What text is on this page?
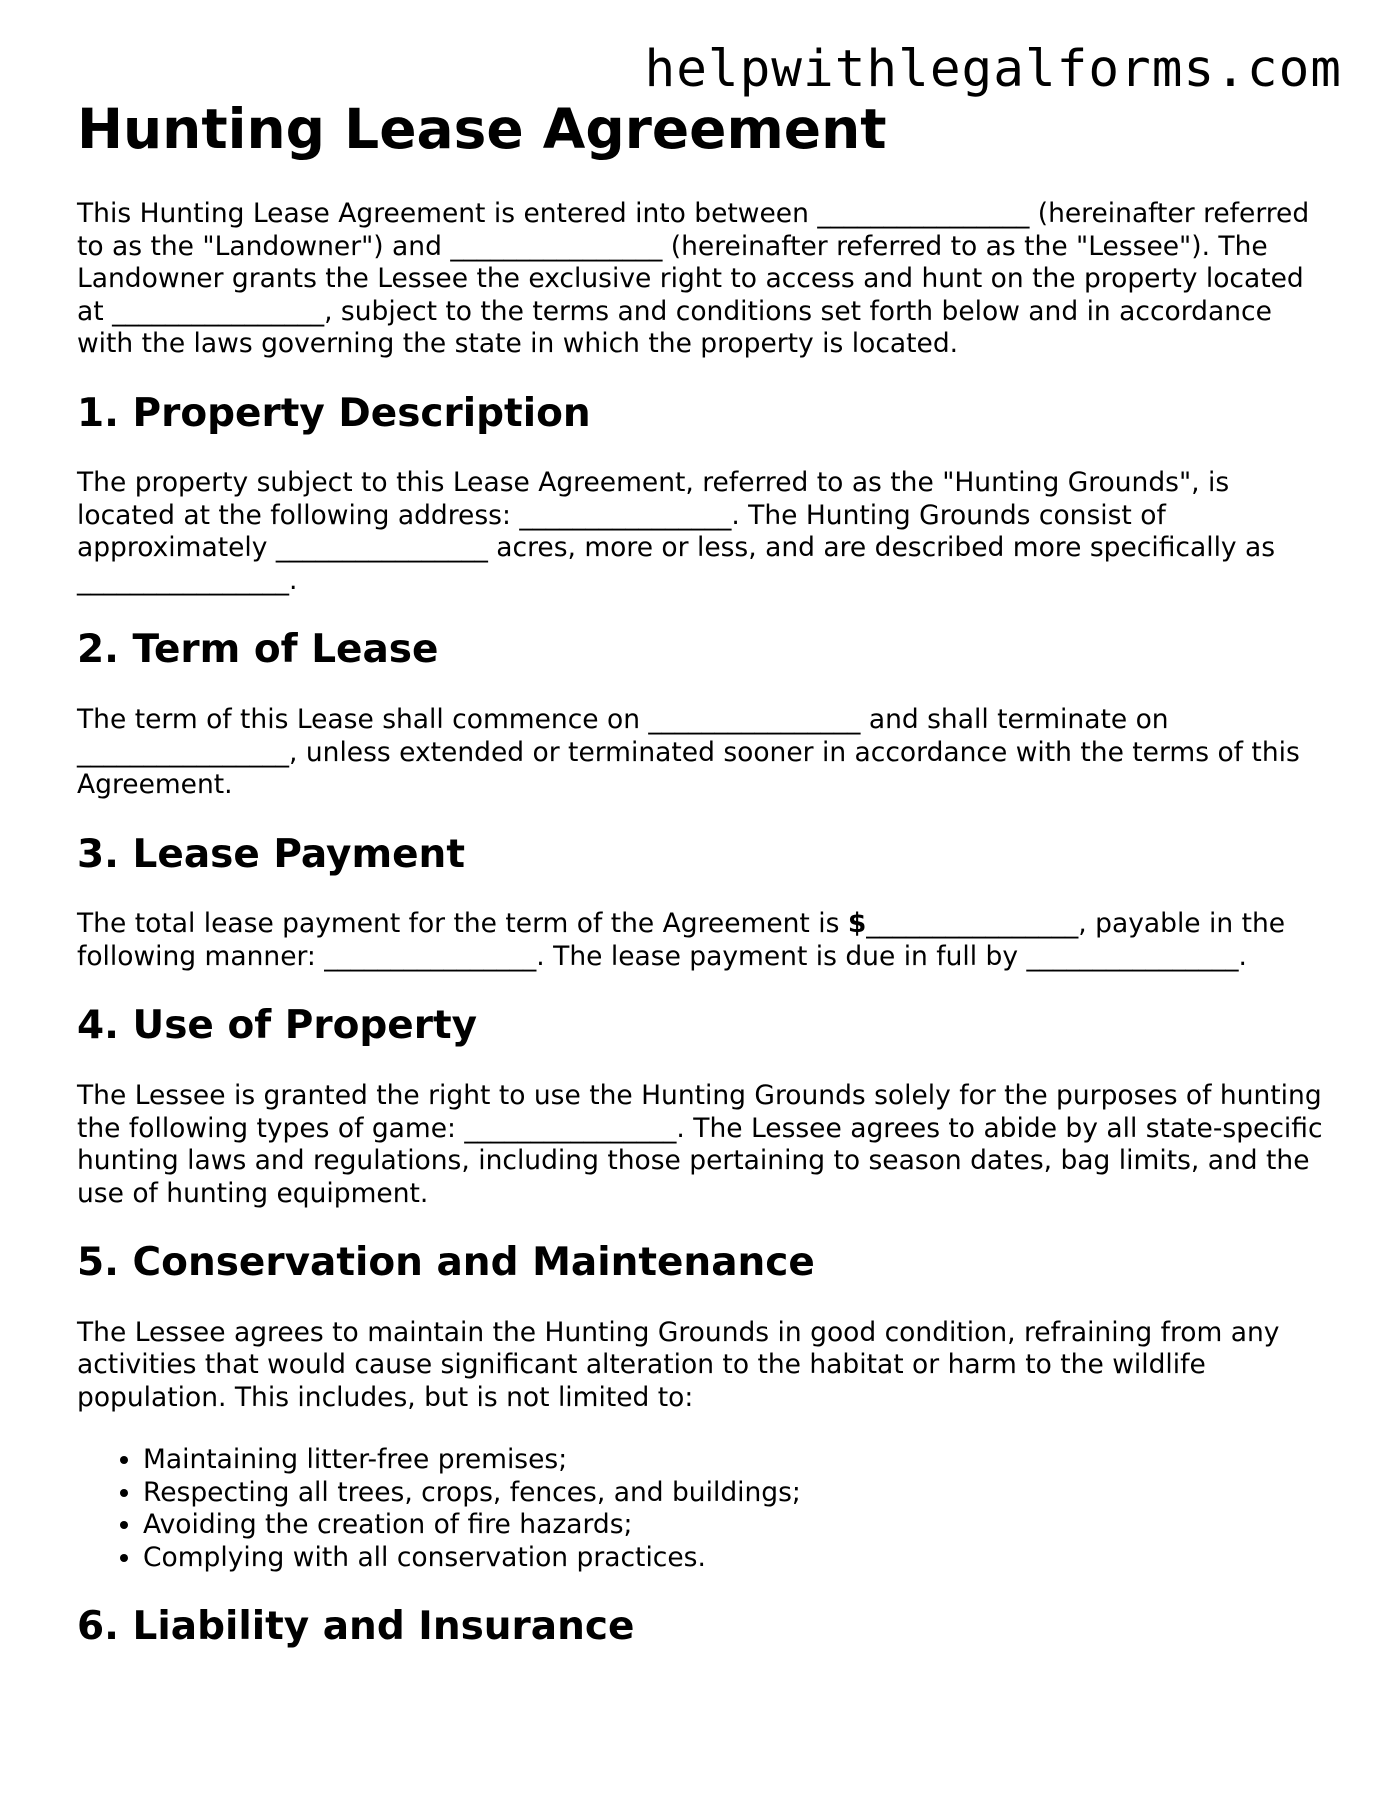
helpwithlegalforms.com
Hunting Lease Agreement

This Hunting Lease Agreement is entered into between ________________ (hereinafter referred to as the "Landowner") and ________________ (hereinafter referred to as the "Lessee"). The Landowner grants the Lessee the exclusive right to access and hunt on the property located at ________________, subject to the terms and conditions set forth below and in accordance with the laws governing the state in which the property is located.

1. Property Description

The property subject to this Lease Agreement, referred to as the "Hunting Grounds", is located at the following address: ________________. The Hunting Grounds consist of approximately ________________ acres, more or less, and are described more specifically as ________________.

2. Term of Lease

The term of this Lease shall commence on ________________ and shall terminate on ________________, unless extended or terminated sooner in accordance with the terms of this Agreement.

3. Lease Payment

The total lease payment for the term of the Agreement is $________________, payable in the following manner: ________________. The lease payment is due in full by ________________.

4. Use of Property

The Lessee is granted the right to use the Hunting Grounds solely for the purposes of hunting the following types of game: ________________. The Lessee agrees to abide by all state-specific hunting laws and regulations, including those pertaining to season dates, bag limits, and the use of hunting equipment.

5. Conservation and Maintenance

The Lessee agrees to maintain the Hunting Grounds in good condition, refraining from any activities that would cause significant alteration to the habitat or harm to the wildlife population. This includes, but is not limited to:

• Maintaining litter-free premises;
• Respecting all trees, crops, fences, and buildings;
• Avoiding the creation of fire hazards;
• Complying with all conservation practices.
6. Liability and Insurance
